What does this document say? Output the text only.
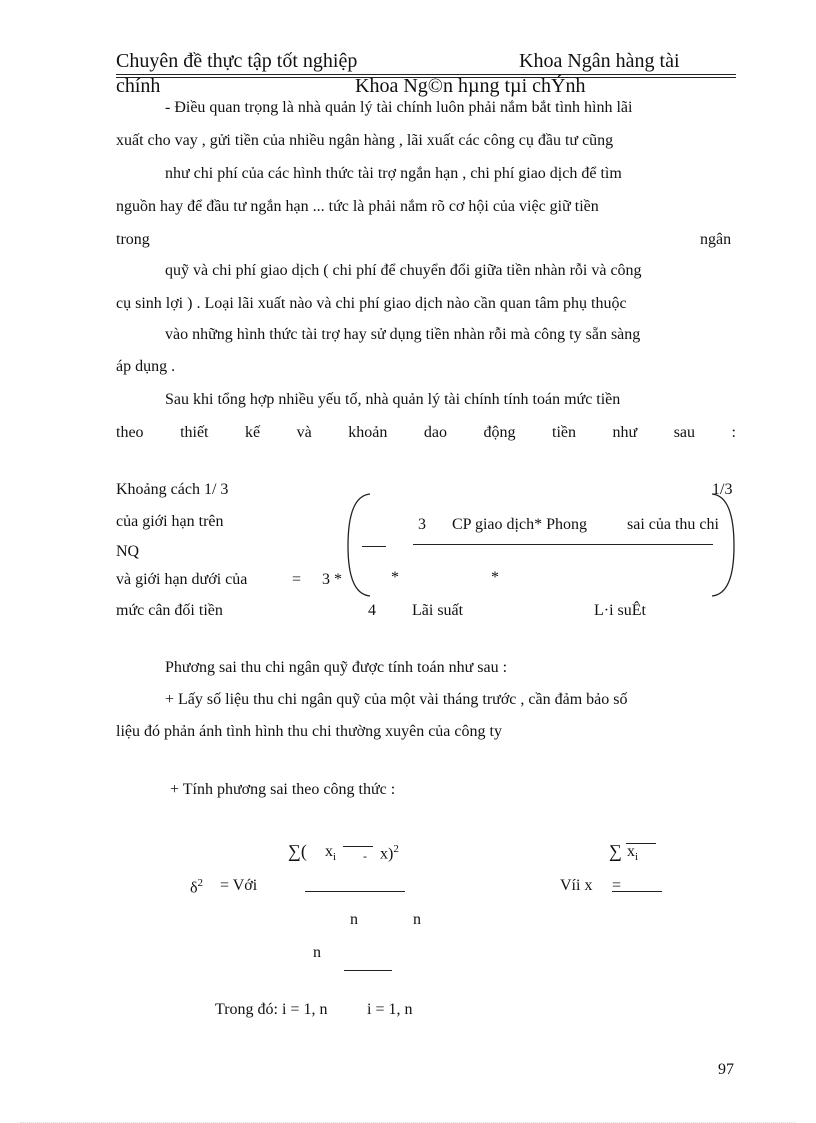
Chuyên đề thực tập tốt nghiệp	Khoa Ngân hàng tài
chính	Khoa Ng©n hµng tµi chÝnh
- Điều quan trọng là nhà quản lý tài chính luôn phải nắm bắt tình hình lãi
xuất cho vay , gửi tiền của nhiều ngân hàng , lãi xuất các công cụ đầu tư cũng
như chi phí của các hình thức tài trợ ngắn hạn , chi phí giao dịch để tìm
nguồn hay để đầu tư ngắn hạn ... tức là phải nắm rõ cơ hội của việc giữ tiền
trong	ngân
quỹ và chi phí giao dịch ( chi phí để chuyển đổi giữa tiền nhàn rỗi và công
cụ sinh lợi ) . Loại lãi xuất nào và chi phí giao dịch nào cần quan tâm phụ thuộc
vào những hình thức tài trợ hay sử dụng tiền nhàn rỗi mà công ty sẵn sàng
áp dụng .
Sau khi tổng hợp nhiều yếu tố, nhà quản lý tài chính tính toán mức tiền
theo thiết kế và khoản dao động tiền như sau :
Khoảng cách 1/ 3
của giới hạn trên
NQ
và giới hạn dưới của
mức cân đối tiền
= 3 *
1/3
3 CP giao dịch* Phong	sai của thu chi
*	*
4 Lãi suất	L·i suÊt
Phương sai thu chi ngân quỹ được tính toán như sau :
+ Lấy số liệu thu chi ngân quỹ của một vài tháng trước , cần đảm bảo số
liệu đó phản ánh tình hình thu chi thường xuyên của công ty
+ Tính phương sai theo công thức :
∑( $x_i - x)^2$
$\delta^2$ = Với
∑ $x_i$
Víi x =
n	n
n
Trong đó: i = 1, n i = 1, n
97
